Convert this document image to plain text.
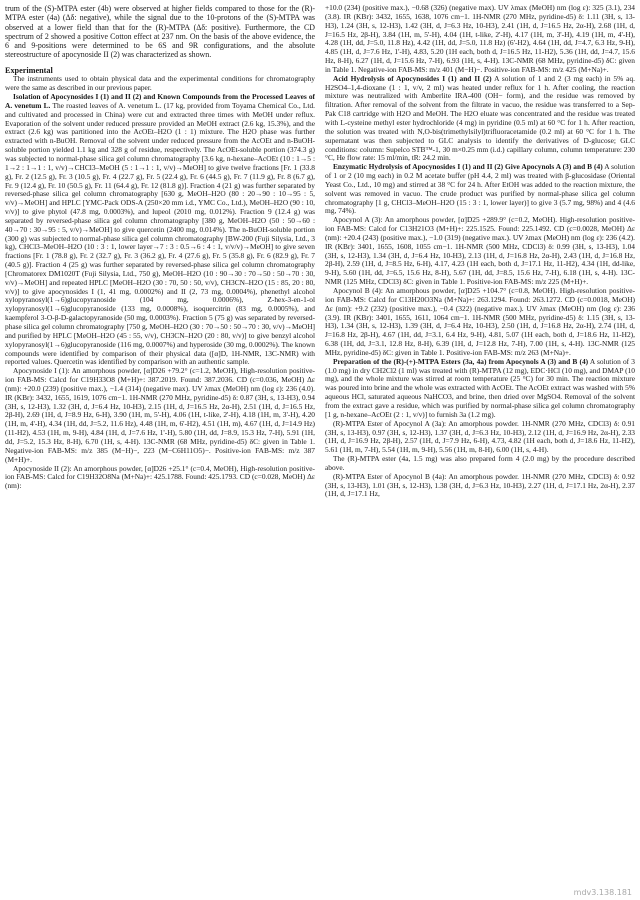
trum of the (S)-MTPA ester (4b) were observed at higher fields compared to those for the (R)-MTPA ester (4a) (Δδ: negative), while the signal due to the 10-protons of the (S)-MTPA was observed at a lower field than that for the (R)-MTPA (Δδ: positive). Furthermore, the CD spectrum of 2 showed a positive Cotton effect at 237 nm. On the basis of the above evidence, the 6 and 9-positions were determined to be 6S and 9R configurations, and the absolute stereostructure of apocynoside II (2) was characterized as shown.

Experimental

The instruments used to obtain physical data and the experimental conditions for chromatography were the same as described in our previous paper.

Isolation of Apocynosides I (1) and II (2) and Known Compounds from the Processed Leaves of A. venetum L. The roasted leaves of A. venetum L. (17 kg, provided from Toyama Chemical Co., Ltd. and cultivated and processed in China) were cut and extracted three times with MeOH under reflux. Evaporation of the solvent under reduced pressure provided an MeOH extract (2.6 kg, 15.3%), and the extract (2.6 kg) was partitioned into the AcOEt–H2O (1 : 1) mixture. The H2O phase was further extracted with n-BuOH. Removal of the solvent under reduced pressure from the AcOEt and n-BuOH-soluble portion yielded 1.1 kg and 328 g of residue, respectively. The AcOEt-soluble portion (374.3 g) was subjected to normal-phase silica gel column chromatography [3.6 kg, n-hexane–AcOEt (10 : 1→5 : 1→2 : 1→1 : 1, v/v)→CHCl3–MeOH (5 : 1→1 : 1, v/v)→MeOH] to give twelve fractions [Fr. 1 (33.8 g), Fr. 2 (12.5 g), Fr. 3 (10.5 g), Fr. 4 (22.7 g), Fr. 5 (22.4 g), Fr. 6 (44.5 g), Fr. 7 (11.9 g), Fr. 8 (6.7 g), Fr. 9 (12.4 g), Fr. 10 (50.5 g), Fr. 11 (64.4 g), Fr. 12 (81.8 g)]. Fraction 4 (21 g) was further separated by reversed-phase silica gel column chromatography [630 g, MeOH–H2O (80 : 20→90 : 10→95 : 5, v/v)→MeOH] and HPLC [YMC-Pack ODS-A (250×20 mm i.d., YMC Co., Ltd.), MeOH–H2O (90 : 10, v/v)] to give phytol (47.8 mg, 0.0003%), and lupeol (2010 mg, 0.012%). Fraction 9 (12.4 g) was separated by reversed-phase silica gel column chromatography [380 g, MeOH–H2O (50 : 50→60 : 40→70 : 30→95 : 5, v/v)→MeOH] to give quercetin (2400 mg, 0.014%). The n-BuOH-soluble portion (300 g) was subjected to normal-phase silica gel column chromatography [BW-200 (Fuji Silysia, Ltd., 3 kg), CHCl3–MeOH–H2O (10 : 3 : 1, lower layer→7 : 3 : 0.5→6 : 4 : 1, v/v/v)→MeOH] to give seven fractions [Fr. 1 (78.8 g), Fr. 2 (32.7 g), Fr. 3 (36.2 g), Fr. 4 (27.6 g), Fr. 5 (35.8 g), Fr. 6 (82.9 g), Fr. 7 (40.5 g)]. Fraction 4 (25 g) was further separated by reversed-phase silica gel column chromatography [Chromatorex DM1020T (Fuji Silysia, Ltd., 750 g), MeOH–H2O (10 : 90→30 : 70→50 : 50→70 : 30, v/v)→MeOH] and repeated HPLC [MeOH–H2O (30 : 70, 50 : 50, v/v), CH3CN–H2O (15 : 85, 20 : 80, v/v)] to give apocynosides I (1, 41 mg, 0.0002%) and II (2, 73 mg, 0.0004%), phenethyl alcohol xylopyranosyl(1→6)glucopyranoside (104 mg, 0.0006%), Z-hex-3-en-1-ol xylopyranosyl(1→6)glucopyranoside (133 mg, 0.0008%), isoquercitrin (83 mg, 0.0005%), and kaempferol 3-O-β-D-galactopyranoside (50 mg, 0.0003%). Fraction 5 (75 g) was separated by reversed-phase silica gel column chromatography [750 g, MeOH–H2O (30 : 70→50 : 50→70 : 30, v/v)→MeOH] and purified by HPLC [MeOH–H2O (45 : 55, v/v), CH3CN–H2O (20 : 80, v/v)] to give benzyl alcohol xylopyranosyl(1→6)glucopyranoside (116 mg, 0.0007%) and hyperoside (30 mg, 0.0002%). The known compounds were identified by comparison of their physical data ([α]D, 1H-NMR, 13C-NMR) with reported values. Quercetin was identified by comparison with an authentic sample.

Apocynoside I (1): An amorphous powder, [α]D26 +79.2° (c=1.2, MeOH), High-resolution positive-ion FAB-MS: Calcd for C19H33O8 (M+H)+: 387.2019. Found: 387.2036. CD (c=0.036, MeOH) Δε (nm): +20.0 (239) (positive max.), −1.4 (314) (negative max). UV λmax (MeOH) nm (log ε): 236 (4.0). IR (KBr): 3432, 1655, 1619, 1076 cm−1. 1H-NMR (270 MHz, pyridine-d5) δ: 0.87 (3H, s, 13-H3), 0.94 (3H, s, 12-H3), 1.32 (3H, d, J=6.4 Hz, 10-H3), 2.15 (1H, d, J=16.5 Hz, 2α-H), 2.51 (1H, d, J=16.5 Hz, 2β-H), 2.69 (1H, d, J=8.9 Hz, 6-H), 3.90 (1H, m, 5'-H), 4.06 (1H, t-like, 2'-H), 4.18 (1H, m, 3'-H), 4.20 (1H, m, 4'-H), 4.34 (1H, dd, J=5.2, 11.6 Hz), 4.48 (1H, m, 6'-H2), 4.51 (1H, m), 4.67 (1H, d, J=14.9 Hz) (11-H2), 4.53 (1H, m, 9-H), 4.84 (1H, d, J=7.6 Hz, 1'-H), 5.80 (1H, dd, J=8.9, 15.3 Hz, 7-H), 5.91 (1H, dd, J=5.2, 15.3 Hz, 8-H), 6.70 (1H, s, 4-H). 13C-NMR (68 MHz, pyridine-d5) δC: given in Table 1. Negative-ion FAB-MS: m/z 385 (M−H)−, 223 (M−C6H11O5)−. Positive-ion FAB-MS: m/z 387 (M+H)+.

Apocynoside II (2): An amorphous powder, [α]D26 +25.1° (c=0.4, MeOH), High-resolution positive-ion FAB-MS: Calcd for C19H32O8Na (M+Na)+: 425.1788. Found: 425.1793. CD (c=0.028, MeOH) Δε (nm):

+10.0 (234) (positive max.), −0.68 (326) (negative max). UV λmax (MeOH) nm (log ε): 325 (3.1), 234 (3.8). IR (KBr): 3432, 1655, 1638, 1076 cm−1. 1H-NMR (270 MHz, pyridine-d5) δ: 1.11 (3H, s, 13-H3), 1.24 (3H, s, 12-H3), 1.42 (3H, d, J=6.3 Hz, 10-H3), 2.41 (1H, d, J=16.5 Hz, 2α-H), 2.68 (1H, d, J=16.5 Hz, 2β-H), 3.84 (1H, m, 5'-H), 4.04 (1H, t-like, 2'-H), 4.17 (1H, m, 3'-H), 4.19 (1H, m, 4'-H), 4.28 (1H, dd, J=5.0, 11.8 Hz), 4.42 (1H, dd, J=5.0, 11.8 Hz) (6'-H2), 4.64 (1H, dd, J=4.7, 6.3 Hz, 9-H), 4.85 (1H, d, J=7.6 Hz, 1'-H), 4.83, 5.20 (1H each, both d, J=16.5 Hz, 11-H2), 5.36 (1H, dd, J=4.7, 15.6 Hz, 8-H), 6.27 (1H, d, J=15.6 Hz, 7-H), 6.93 (1H, s, 4-H). 13C-NMR (68 MHz, pyridine-d5) δC: given in Table 1. Negative-ion FAB-MS: m/z 401 (M−H)−. Positive-ion FAB-MS: m/z 425 (M+Na)+.

Acid Hydrolysis of Apocynosides I (1) and II (2) A solution of 1 and 2 (3 mg each) in 5% aq. H2SO4–1,4-dioxane (1 : 1, v/v, 2 ml) was heated under reflux for 1 h. After cooling, the reaction mixture was neutralized with Amberlite IRA-400 (OH− form), and the residue was removed by filtration. After removal of the solvent from the filtrate in vacuo, the residue was transferred to a Sep-Pak C18 cartridge with H2O and MeOH. The H2O eluate was concentrated and the residue was treated with L-cysteine methyl ester hydrochloride (4 mg) in pyridine (0.5 ml) at 60 °C for 1 h. After reaction, the solution was treated with N,O-bis(trimethylsilyl)trifluoracetamide (0.2 ml) at 60 °C for 1 h. The supernatant was then subjected to GLC analysis to identify the derivatives of D-glucose; GLC conditions: column: Supelco STB™-1, 30 m×0.25 mm (i.d.) capillary column, column temperature: 230 °C, He flow rate: 15 ml/min, tR: 24.2 min.

Enzymatic Hydrolysis of Apocynosides I (1) and II (2) Give Apocynols A (3) and B (4) A solution of 1 or 2 (10 mg each) in 0.2 M acetate buffer (pH 4.4, 2 ml) was treated with β-glucosidase (Oriental Yeast Co., Ltd., 10 mg) and stirred at 38 °C for 24 h. After EtOH was added to the reaction mixture, the solvent was removed in vacuo. The crude product was purified by normal-phase silica gel column chromatography [1 g, CHCl3–MeOH–H2O (15 : 3 : 1, lower layer)] to give 3 (5.7 mg, 98%) and 4 (4.6 mg, 74%).

Apocynol A (3): An amorphous powder, [α]D25 +289.9° (c=0.2, MeOH). High-resolution positive-ion FAB-MS: Calcd for C13H21O3 (M+H)+: 225.1525. Found: 225.1492. CD (c=0.0028, MeOH) Δε (nm): +20.4 (243) (positive max.), −1.0 (319) (negative max.). UV λmax (MeOH) nm (log ε): 236 (4.2). IR (KBr): 3401, 1655, 1608, 1055 cm−1. 1H-NMR (500 MHz, CDCl3) δ: 0.99 (3H, s, 13-H3), 1.04 (3H, s, 12-H3), 1.34 (3H, d, J=6.4 Hz, 10-H3), 2.13 (1H, d, J=16.8 Hz, 2α-H), 2.43 (1H, d, J=16.8 Hz, 2β-H), 2.59 (1H, d, J=8.5 Hz, 6-H), 4.17, 4.23 (1H each, both d, J=17.1 Hz, 11-H2), 4.34 (1H, dd-like, 9-H), 5.60 (1H, dd, J=6.5, 15.6 Hz, 8-H), 5.67 (1H, dd, J=8.5, 15.6 Hz, 7-H), 6.18 (1H, s, 4-H). 13C-NMR (125 MHz, CDCl3) δC: given in Table 1. Positive-ion FAB-MS: m/z 225 (M+H)+.

Apocynol B (4): An amorphous powder, [α]D25 +104.7° (c=0.8, MeOH). High-resolution positive-ion FAB-MS: Calcd for C13H20O3Na (M+Na)+: 263.1294. Found: 263.1272. CD (c=0.0018, MeOH) Δε (nm): +9.2 (232) (positive max.), −0.4 (322) (negative max.). UV λmax (MeOH) nm (log ε): 236 (3.9). IR (KBr): 3401, 1655, 1611, 1064 cm−1. 1H-NMR (500 MHz, pyridine-d5) δ: 1.15 (3H, s, 13-H3), 1.34 (3H, s, 12-H3), 1.39 (3H, d, J=6.4 Hz, 10-H3), 2.50 (1H, d, J=16.8 Hz, 2α-H), 2.74 (1H, d, J=16.8 Hz, 2β-H), 4.67 (1H, dd, J=3.1, 6.4 Hz, 9-H), 4.81, 5.07 (1H each, both d, J=18.6 Hz, 11-H2), 6.38 (1H, dd, J=3.1, 12.8 Hz, 8-H), 6.39 (1H, d, J=12.8 Hz, 7-H), 7.00 (1H, s, 4-H). 13C-NMR (125 MHz, pyridine-d5) δC: given in Table 1. Positive-ion FAB-MS: m/z 263 (M+Na)+.

Preparation of the (R)-(+)-MTPA Esters (3a, 4a) from Apocynols A (3) and B (4) A solution of 3 (1.0 mg) in dry CH2Cl2 (1 ml) was treated with (R)-MTPA (12 mg), EDC·HCl (10 mg), and DMAP (10 mg), and the whole mixture was stirred at room temperature (25 °C) for 30 min. The reaction mixture was poured into brine and the whole was extracted with AcOEt. The AcOEt extract was washed with 5% aqueous HCl, saturated aqueous NaHCO3, and brine, then dried over MgSO4. Removal of the solvent from the extract gave a residue, which was purified by normal-phase silica gel column chromatography [1 g, n-hexane–AcOEt (2 : 1, v/v)] to furnish 3a (1.2 mg).

(R)-MTPA Ester of Apocynol A (3a): An amorphous powder. 1H-NMR (270 MHz, CDCl3) δ: 0.91 (3H, s, 13-H3), 0.97 (3H, s, 12-H3), 1.37 (3H, d, J=6.3 Hz, 10-H3), 2.12 (1H, d, J=16.9 Hz, 2α-H), 2.33 (1H, d, J=16.9 Hz, 2β-H), 2.57 (1H, d, J=7.9 Hz, 6-H), 4.73, 4.82 (1H each, both d, J=18.6 Hz, 11-H2), 5.61 (1H, m, 7-H), 5.54 (1H, m, 9-H), 5.56 (1H, m, 8-H), 6.00 (1H, s, 4-H).

The (R)-MTPA ester (4a, 1.5 mg) was also prepared form 4 (2.0 mg) by the procedure described above.

(R)-MTPA Ester of Apocynol B (4a): An amorphous powder. 1H-NMR (270 MHz, CDCl3) δ: 0.92 (3H, s, 13-H3), 1.01 (3H, s, 12-H3), 1.38 (3H, d, J=6.3 Hz, 10-H3), 2.27 (1H, d, J=17.1 Hz, 2α-H), 2.37 (1H, d, J=17.1 Hz,

mdv3.138.181
